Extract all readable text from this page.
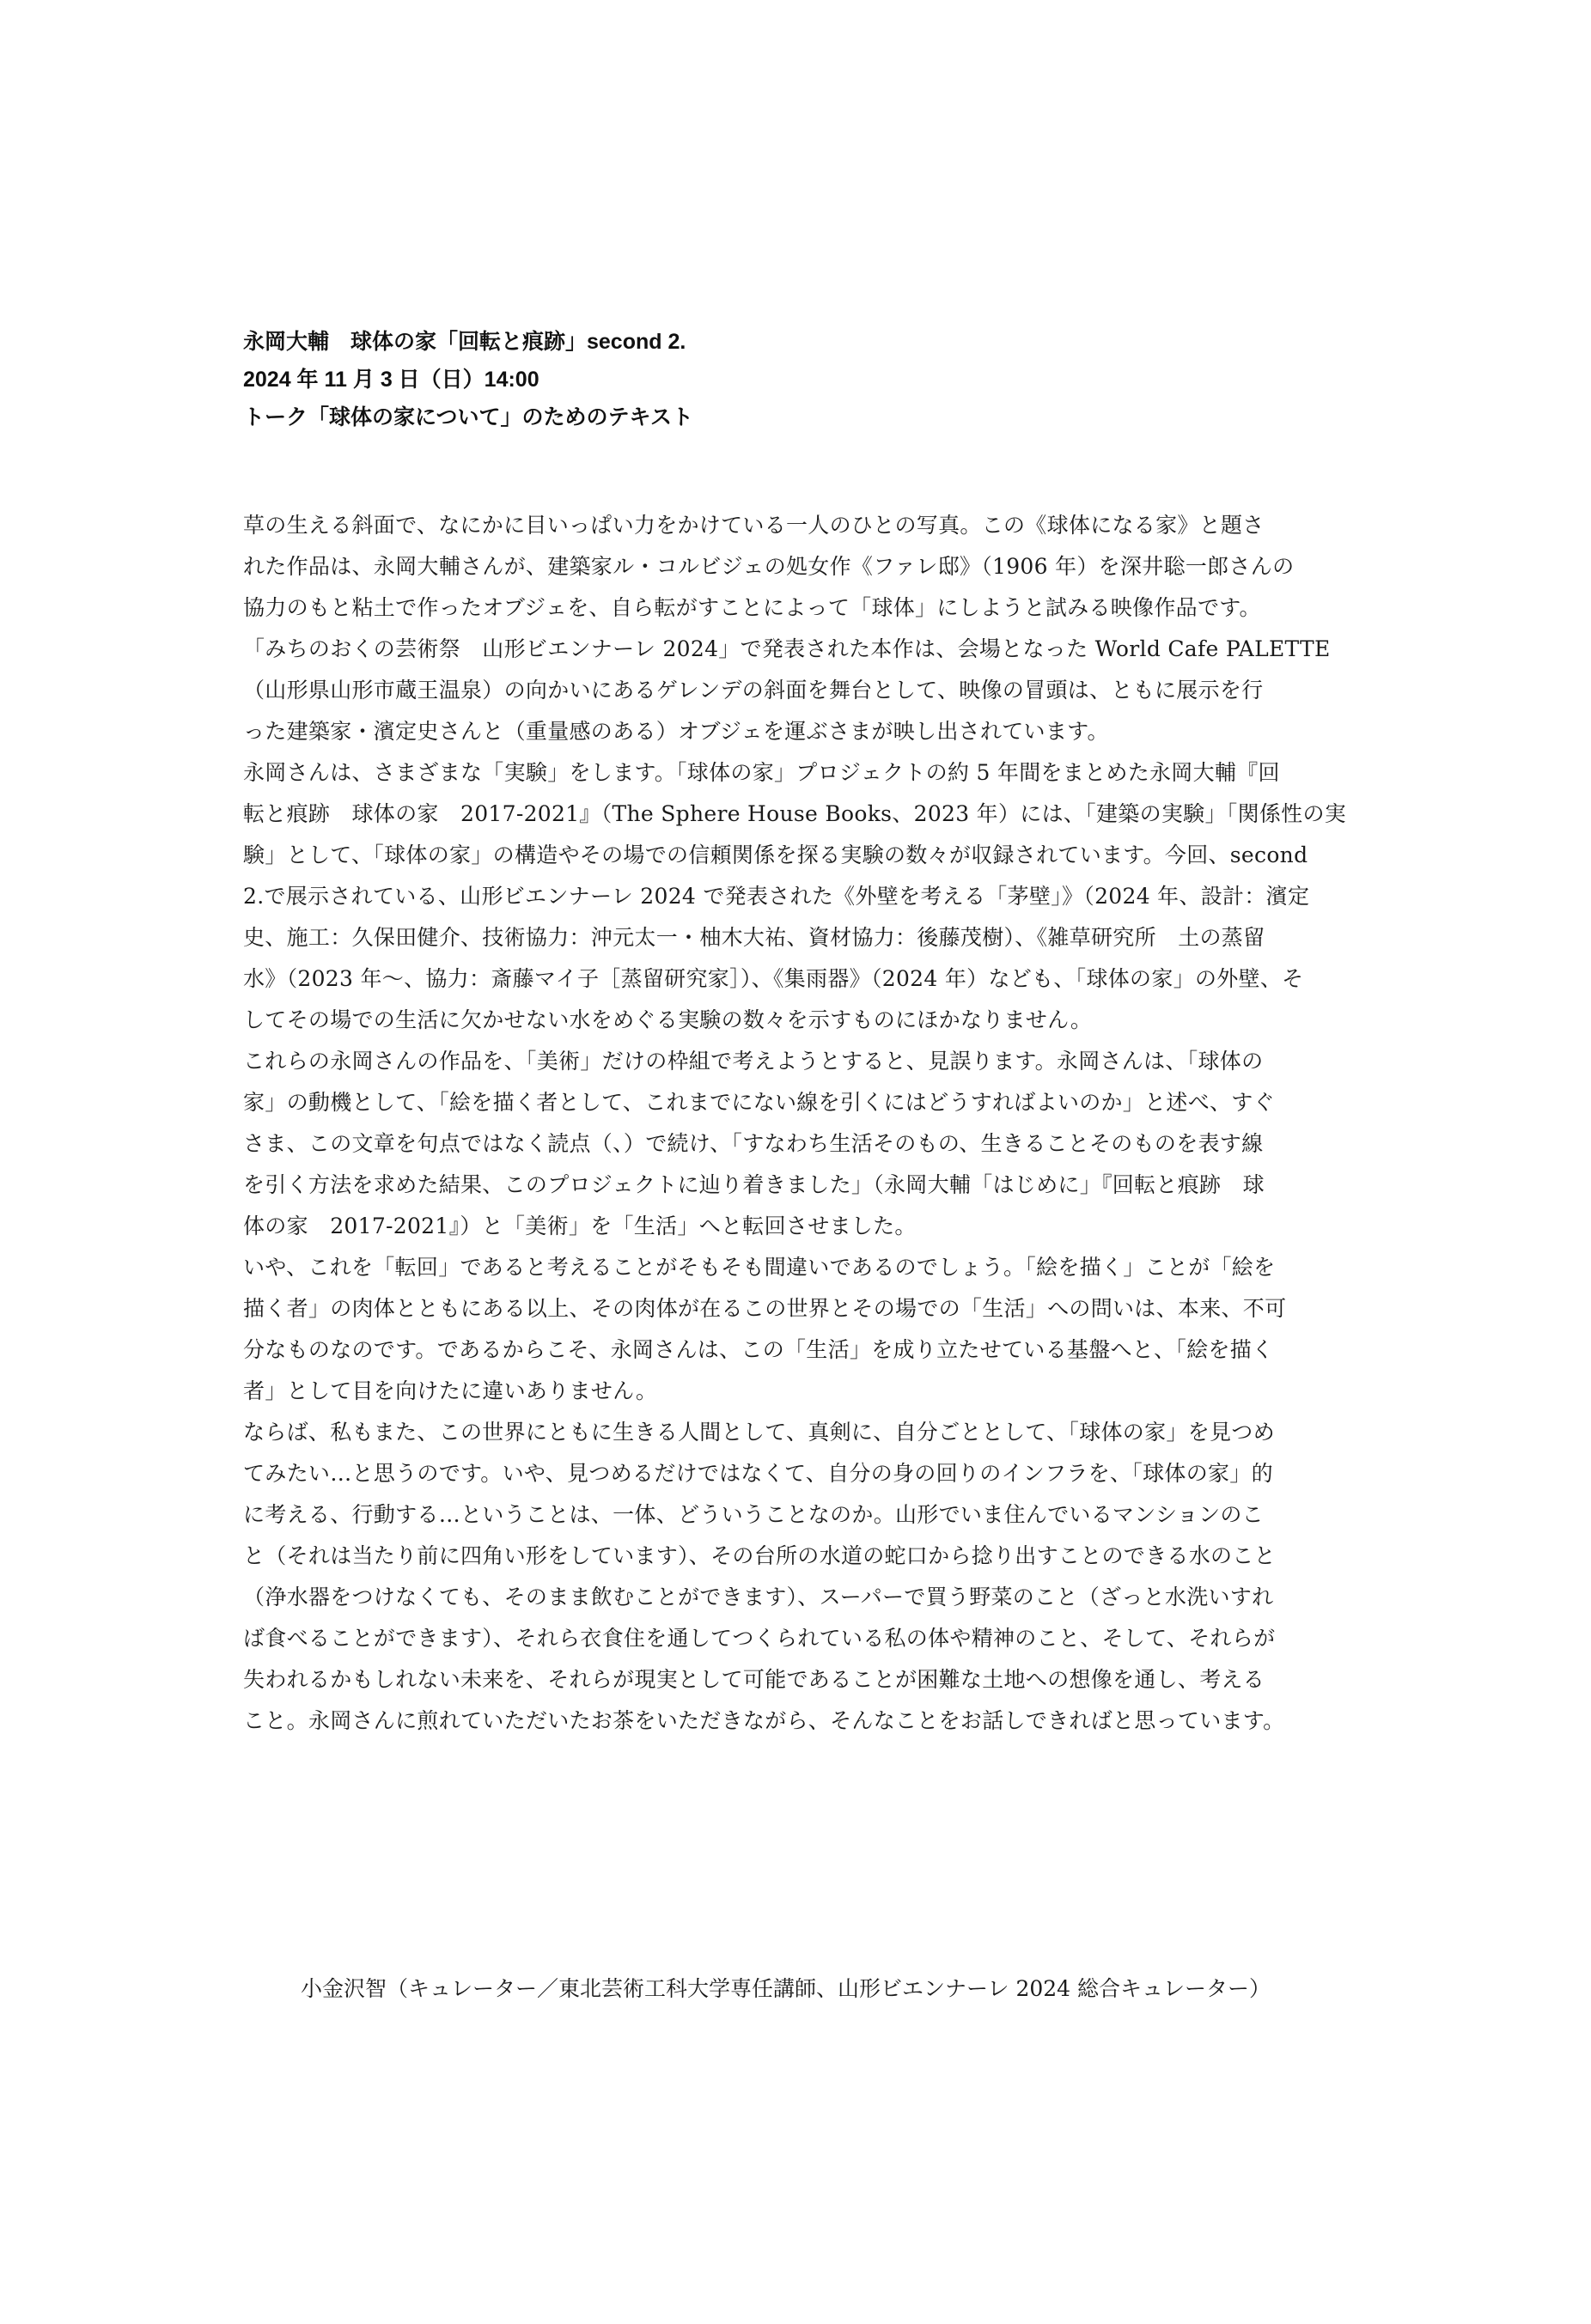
永岡大輔　球体の家「回転と痕跡」second 2.
2024 年 11 月 3 日（日）14:00
トーク「球体の家について」のためのテキスト
草の生える斜面で、なにかに目いっぱい力をかけている一人のひとの写真。この《球体になる家》と題さ
れた作品は、永岡大輔さんが、建築家ル・コルビジェの処女作《ファレ邸》（1906 年）を深井聡一郎さんの
協力のもと粘土で作ったオブジェを、自ら転がすことによって「球体」にしようと試みる映像作品です。
「みちのおくの芸術祭　山形ビエンナーレ 2024」で発表された本作は、会場となった World Cafe PALETTE
（山形県山形市蔵王温泉）の向かいにあるゲレンデの斜面を舞台として、映像の冒頭は、ともに展示を行
った建築家・濱定史さんと（重量感のある）オブジェを運ぶさまが映し出されています。
永岡さんは、さまざまな「実験」をします。「球体の家」プロジェクトの約 5 年間をまとめた永岡大輔『回
転と痕跡　球体の家　2017-2021』（The Sphere House Books、2023 年）には、「建築の実験」「関係性の実
験」として、「球体の家」の構造やその場での信頼関係を探る実験の数々が収録されています。今回、second
2.で展示されている、山形ビエンナーレ 2024 で発表された《外壁を考える「茅壁」》（2024 年、設計：濱定
史、施工：久保田健介、技術協力：沖元太一・柚木大祐、資材協力：後藤茂樹）、《雑草研究所　土の蒸留
水》（2023 年〜、協力：斎藤マイ子［蒸留研究家］）、《集雨器》（2024 年）なども、「球体の家」の外壁、そ
してその場での生活に欠かせない水をめぐる実験の数々を示すものにほかなりません。
これらの永岡さんの作品を、「美術」だけの枠組で考えようとすると、見誤ります。永岡さんは、「球体の
家」の動機として、「絵を描く者として、これまでにない線を引くにはどうすればよいのか」と述べ、すぐ
さま、この文章を句点ではなく読点（、）で続け、「すなわち生活そのもの、生きることそのものを表す線
を引く方法を求めた結果、このプロジェクトに辿り着きました」（永岡大輔「はじめに」『回転と痕跡　球
体の家　2017-2021』）と「美術」を「生活」へと転回させました。
いや、これを「転回」であると考えることがそもそも間違いであるのでしょう。「絵を描く」ことが「絵を
描く者」の肉体とともにある以上、その肉体が在るこの世界とその場での「生活」への問いは、本来、不可
分なものなのです。であるからこそ、永岡さんは、この「生活」を成り立たせている基盤へと、「絵を描く
者」として目を向けたに違いありません。
ならば、私もまた、この世界にともに生きる人間として、真剣に、自分ごととして、「球体の家」を見つめ
てみたい…と思うのです。いや、見つめるだけではなくて、自分の身の回りのインフラを、「球体の家」的
に考える、行動する…ということは、一体、どういうことなのか。山形でいま住んでいるマンションのこ
と（それは当たり前に四角い形をしています）、その台所の水道の蛇口から捻り出すことのできる水のこと
（浄水器をつけなくても、そのまま飲むことができます）、スーパーで買う野菜のこと（ざっと水洗いすれ
ば食べることができます）、それら衣食住を通してつくられている私の体や精神のこと、そして、それらが
失われるかもしれない未来を、それらが現実として可能であることが困難な土地への想像を通し、考える
こと。永岡さんに煎れていただいたお茶をいただきながら、そんなことをお話しできればと思っています。
小金沢智（キュレーター／東北芸術工科大学専任講師、山形ビエンナーレ 2024 総合キュレーター）
